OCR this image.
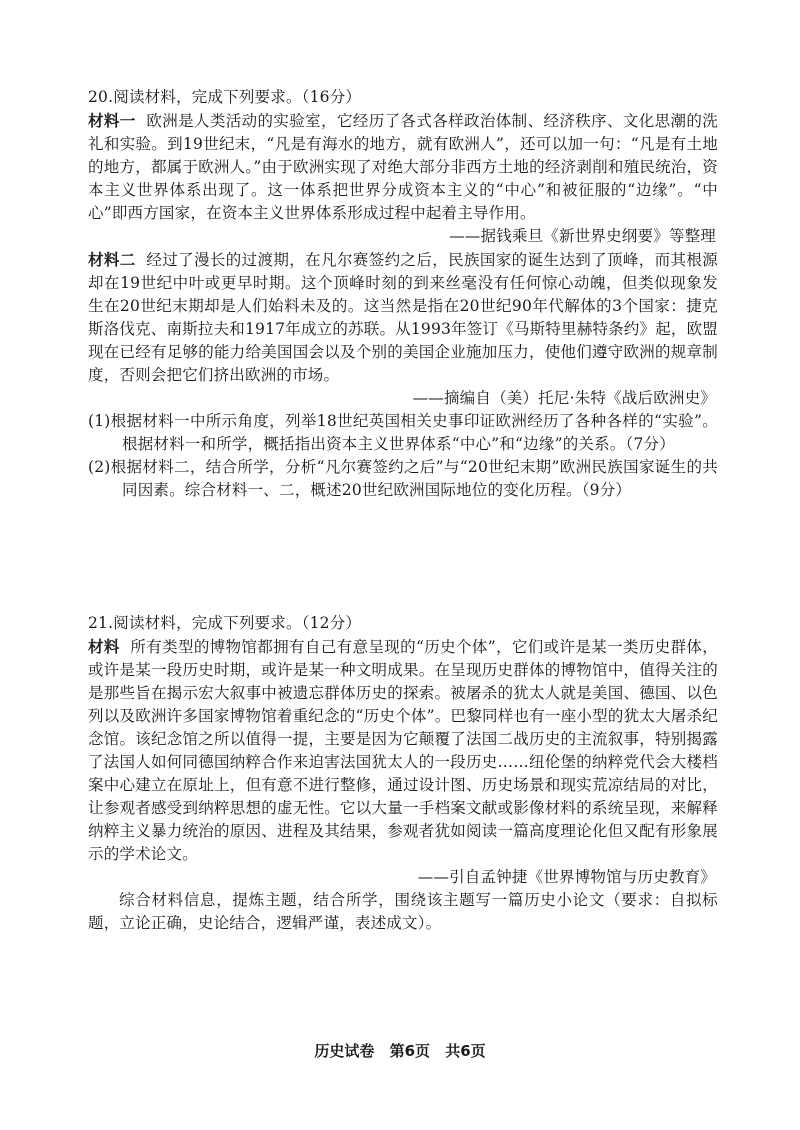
20.阅读材料，完成下列要求。（16分）

材料一 欧洲是人类活动的实验室，它经历了各式各样政治体制、经济秩序、文化思潮的洗礼和实验。到19世纪末，“凡是有海水的地方，就有欧洲人”，还可以加一句：“凡是有土地的地方，都属于欧洲人。”由于欧洲实现了对绝大部分非西方土地的经济剥削和殖民统治，资本主义世界体系出现了。这一体系把世界分成资本主义的“中心”和被征服的“边缘”。“中心”即西方国家，在资本主义世界体系形成过程中起着主导作用。

——据钱乘旦《新世界史纲要》等整理

材料二 经过了漫长的过渡期，在凡尔赛签约之后，民族国家的诞生达到了顶峰，而其根源却在19世纪中叶或更早时期。这个顶峰时刻的到来丝毫没有任何惊心动魄，但类似现象发生在20世纪末期却是人们始料未及的。这当然是指在20世纪90年代解体的3个国家：捷克斯洛伐克、南斯拉夫和1917年成立的苏联。从1993年签订《马斯特里赫特条约》起，欧盟现在已经有足够的能力给美国国会以及个别的美国企业施加压力，使他们遵守欧洲的规章制度，否则会把它们挤出欧洲的市场。

——摘编自（美）托尼·朱特《战后欧洲史》

(1)根据材料一中所示角度，列举18世纪英国相关史事印证欧洲经历了各种各样的“实验”。根据材料一和所学，概括指出资本主义世界体系“中心”和“边缘”的关系。（7分）

(2)根据材料二，结合所学，分析“凡尔赛签约之后”与“20世纪末期”欧洲民族国家诞生的共同因素。综合材料一、二，概述20世纪欧洲国际地位的变化历程。（9分）

21.阅读材料，完成下列要求。（12分）

材料 所有类型的博物馆都拥有自己有意呈现的“历史个体”，它们或许是某一类历史群体，或许是某一段历史时期，或许是某一种文明成果。在呈现历史群体的博物馆中，值得关注的是那些旨在揭示宏大叙事中被遗忘群体历史的探索。被屠杀的犹太人就是美国、德国、以色列以及欧洲许多国家博物馆着重纪念的“历史个体”。巴黎同样也有一座小型的犹太大屠杀纪念馆。该纪念馆之所以值得一提，主要是因为它颠覆了法国二战历史的主流叙事，特别揭露了法国人如何同德国纳粹合作来迫害法国犹太人的一段历史……纽伦堡的纳粹党代会大楼档案中心建立在原址上，但有意不进行整修，通过设计图、历史场景和现实荒凉结局的对比，让参观者感受到纳粹思想的虚无性。它以大量一手档案文献或影像材料的系统呈现，来解释纳粹主义暴力统治的原因、进程及其结果，参观者犹如阅读一篇高度理论化但又配有形象展示的学术论文。

——引自孟钟捷《世界博物馆与历史教育》

综合材料信息，提炼主题，结合所学，围绕该主题写一篇历史小论文（要求：自拟标题，立论正确，史论结合，逻辑严谨，表述成文）。

历史试卷 第6页 共6页
